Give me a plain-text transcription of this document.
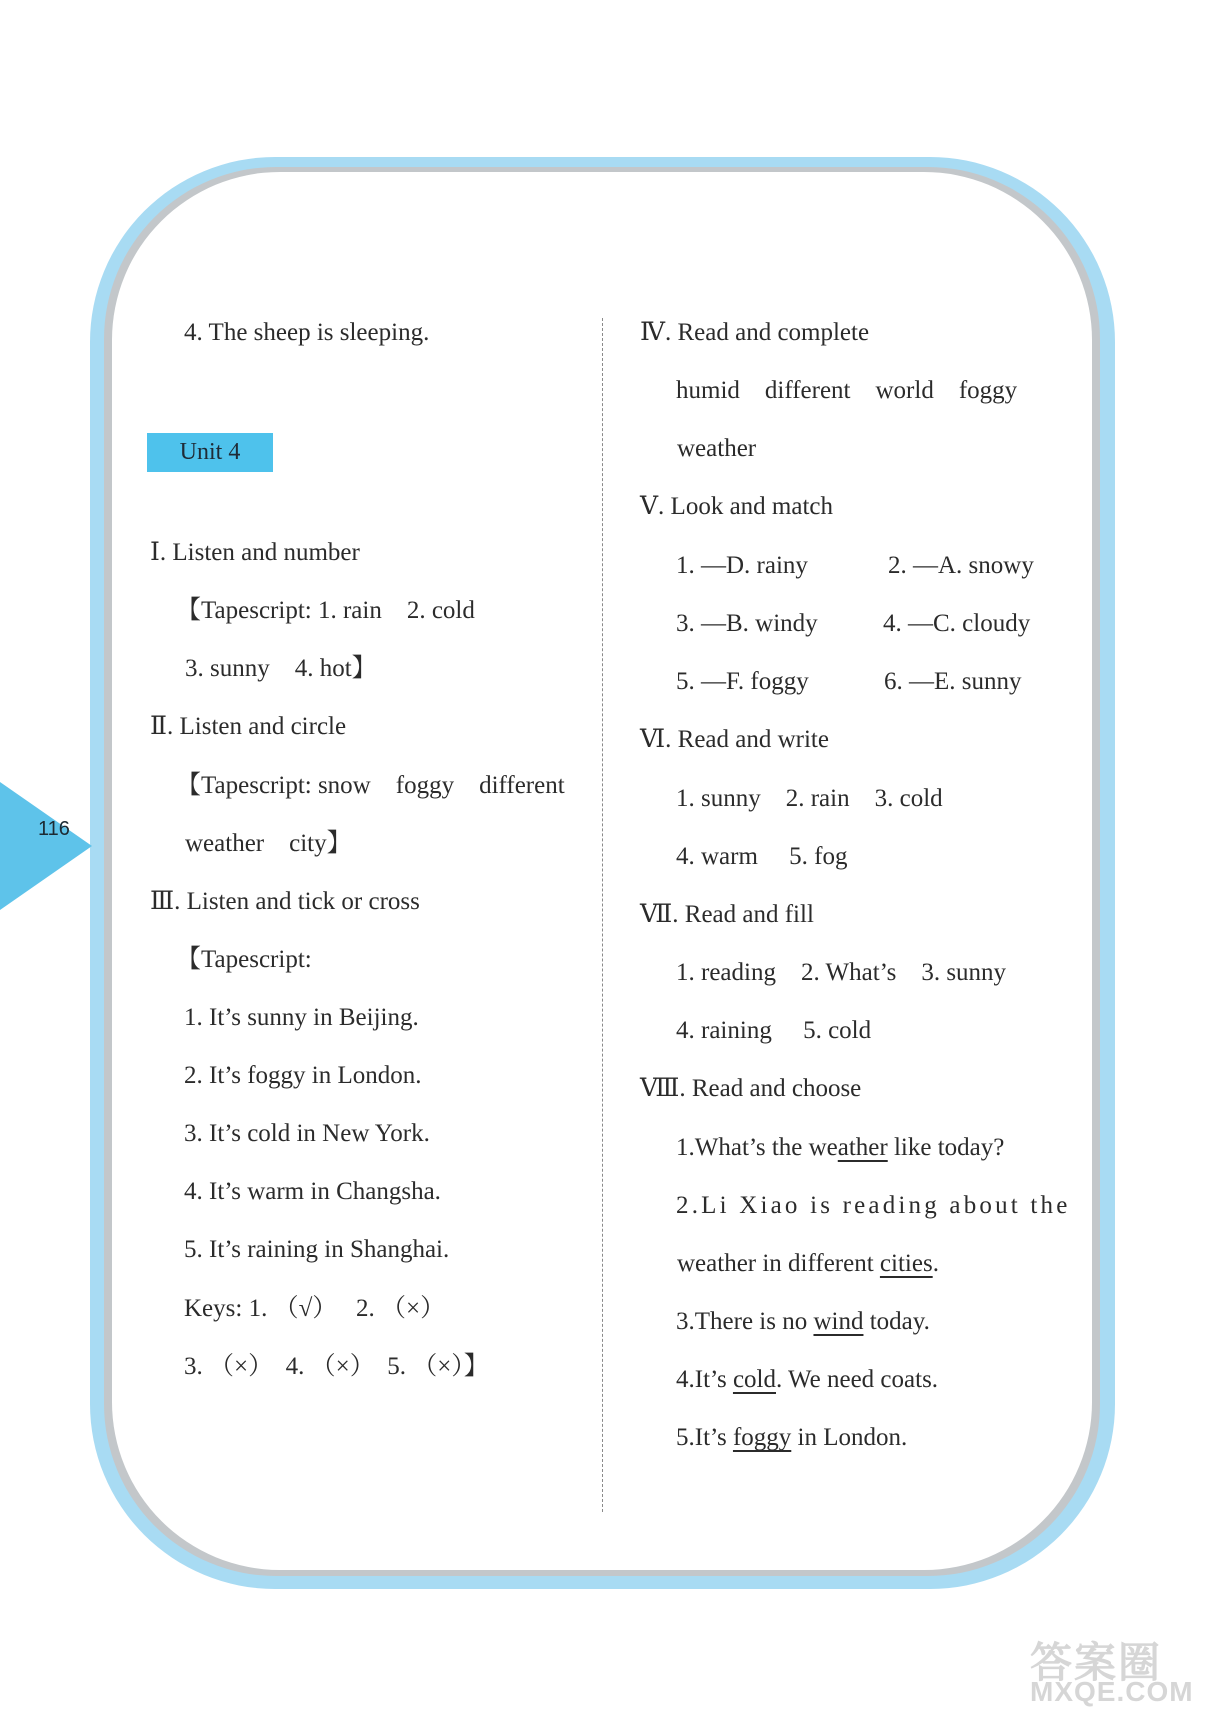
116
4. The sheep is sleeping.
Unit 4
Ⅰ. Listen and number
【Tapescript: 1. rain    2. cold
3. sunny    4. hot】
Ⅱ. Listen and circle
【Tapescript: snow    foggy    different
weather    city】
Ⅲ. Listen and tick or cross
【Tapescript:
1. It’s sunny in Beijing.
2. It’s foggy in London.
3. It’s cold in New York.
4. It’s warm in Changsha.
5. It’s raining in Shanghai.
Keys: 1. （√）   2. （×）
3. （×）  4. （×）  5. （×）】
Ⅳ. Read and complete
humid    different    world    foggy
weather
Ⅴ. Look and match
1. —D. rainy	2. —A. snowy
3. —B. windy	4. —C. cloudy
5. —F. foggy	6. —E. sunny
Ⅵ. Read and write
1. sunny    2. rain    3. cold
4. warm     5. fog
Ⅶ. Read and fill
1. reading    2. What’s    3. sunny
4. raining     5. cold
Ⅷ. Read and choose
1.What’s the weather like today?
2.Li Xiao is reading about the
weather in different cities.
3.There is no wind today.
4.It’s cold. We need coats.
5.It’s foggy in London.
答案圈
MXQE.COM
